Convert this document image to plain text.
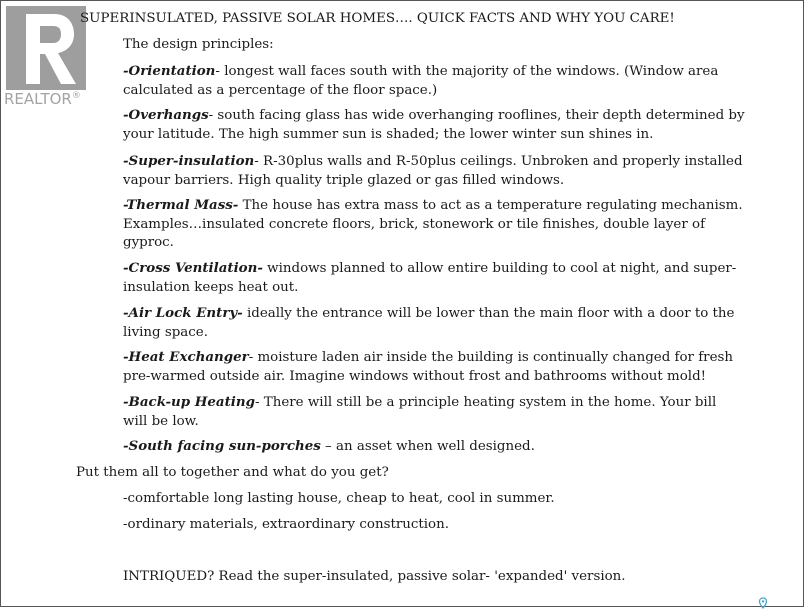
REALTOR®
SUPERINSULATED, PASSIVE SOLAR HOMES…. QUICK FACTS AND WHY YOU CARE!
The design principles:
-Orientation- longest wall faces south with the majority of the windows. (Window area
calculated as a percentage of the floor space.)
-Overhangs- south facing glass has wide overhanging rooflines, their depth determined by
your latitude. The high summer sun is shaded; the lower winter sun shines in.
-Super-insulation- R-30plus walls and R-50plus ceilings. Unbroken and properly installed
vapour barriers. High quality triple glazed or gas filled windows.
-Thermal Mass- The house has extra mass to act as a temperature regulating mechanism.
Examples…insulated concrete floors, brick, stonework or tile finishes, double layer of
gyproc.
-Cross Ventilation- windows planned to allow entire building to cool at night, and super-
insulation keeps heat out.
-Air Lock Entry- ideally the entrance will be lower than the main floor with a door to the
living space.
-Heat Exchanger- moisture laden air inside the building is continually changed for fresh
pre-warmed outside air. Imagine windows without frost and bathrooms without mold!
-Back-up Heating- There will still be a principle heating system in the home. Your bill
will be low.
-South facing sun-porches – an asset when well designed.
Put them all to together and what do you get?
-comfortable long lasting house, cheap to heat, cool in summer.
-ordinary materials, extraordinary construction.
INTRIQUED? Read the super-insulated, passive solar- 'expanded' version.
